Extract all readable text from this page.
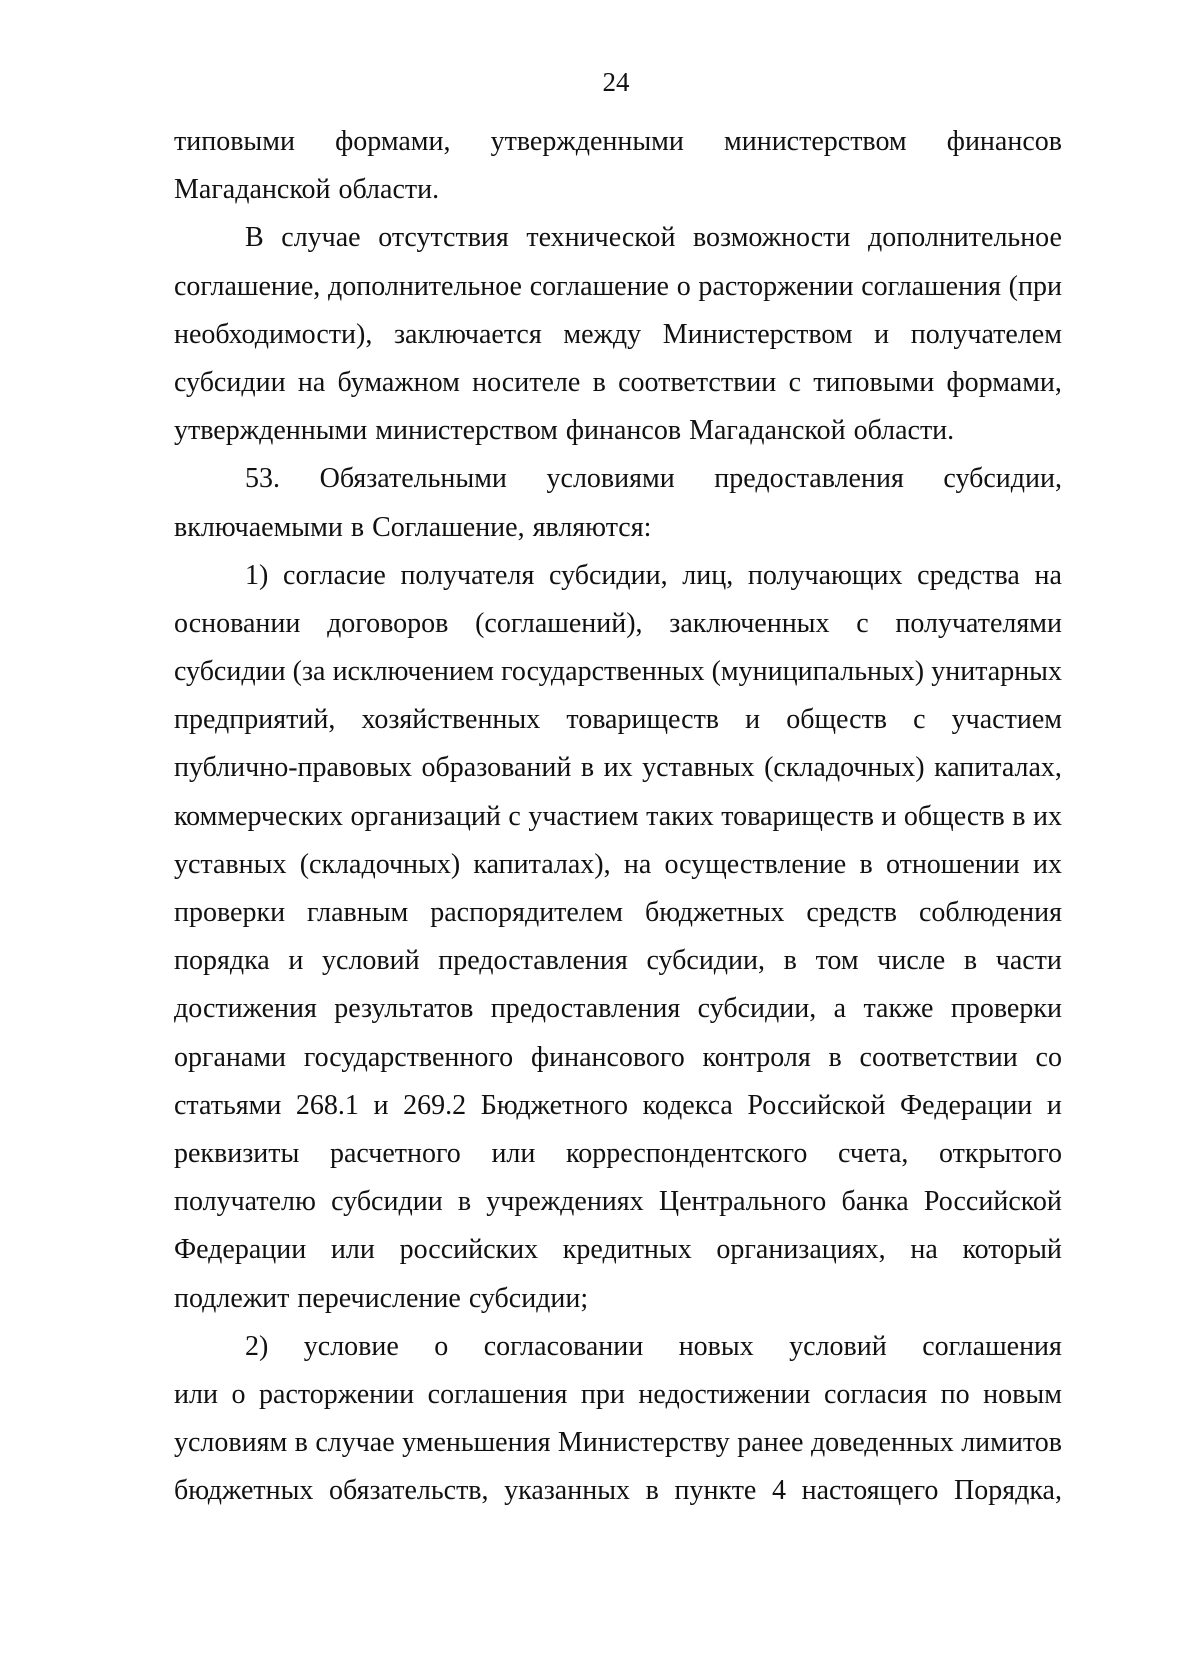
24
типовыми формами, утвержденными министерством финансов
Магаданской области.
В случае отсутствия технической возможности дополнительное
соглашение, дополнительное соглашение о расторжении соглашения (при
необходимости), заключается между Министерством и получателем
субсидии на бумажном носителе в соответствии с типовыми формами,
утвержденными министерством финансов Магаданской области.
53. Обязательными условиями предоставления субсидии,
включаемыми в Соглашение, являются:
1) согласие получателя субсидии, лиц, получающих средства на
основании договоров (соглашений), заключенных с получателями
субсидии (за исключением государственных (муниципальных) унитарных
предприятий, хозяйственных товариществ и обществ с участием
публично-правовых образований в их уставных (складочных) капиталах,
коммерческих организаций с участием таких товариществ и обществ в их
уставных (складочных) капиталах), на осуществление в отношении их
проверки главным распорядителем бюджетных средств соблюдения
порядка и условий предоставления субсидии, в том числе в части
достижения результатов предоставления субсидии, а также проверки
органами государственного финансового контроля в соответствии со
статьями 268.1 и 269.2 Бюджетного кодекса Российской Федерации и
реквизиты расчетного или корреспондентского счета, открытого
получателю субсидии в учреждениях Центрального банка Российской
Федерации или российских кредитных организациях, на который
подлежит перечисление субсидии;
2) условие о согласовании новых условий соглашения
или о расторжении соглашения при недостижении согласия по новым
условиям в случае уменьшения Министерству ранее доведенных лимитов
бюджетных обязательств, указанных в пункте 4 настоящего Порядка,
